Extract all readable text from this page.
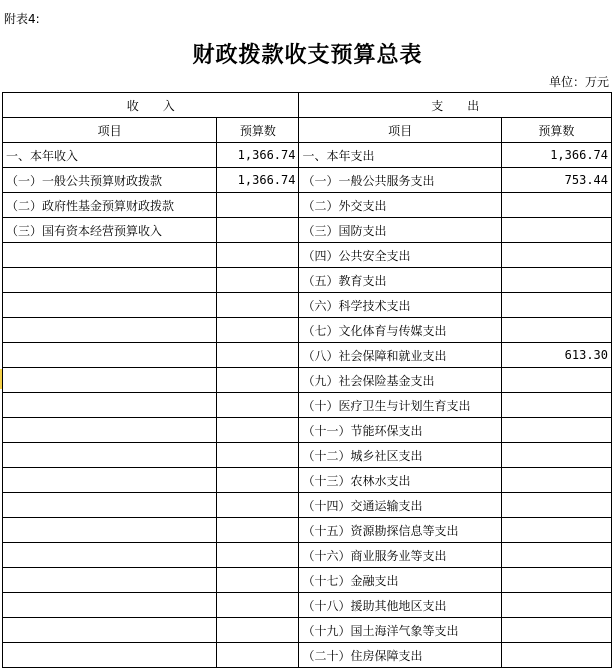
附表4:
财政拨款收支预算总表
单位：万元
收　　入		支　　出	
项目	预算数	项目	预算数
一、本年收入	1,366.74	一、本年支出	1,366.74
（一）一般公共预算财政拨款	1,366.74	（一）一般公共服务支出	753.44
（二）政府性基金预算财政拨款		（二）外交支出	
（三）国有资本经营预算收入		（三）国防支出	
		（四）公共安全支出	
		（五）教育支出	
		（六）科学技术支出	
		（七）文化体育与传媒支出	
		（八）社会保障和就业支出	613.30
		（九）社会保险基金支出	
		（十）医疗卫生与计划生育支出	
		（十一）节能环保支出	
		（十二）城乡社区支出	
		（十三）农林水支出	
		（十四）交通运输支出	
		（十五）资源勘探信息等支出	
		（十六）商业服务业等支出	
		（十七）金融支出	
		（十八）援助其他地区支出	
		（十九）国土海洋气象等支出	
		（二十）住房保障支出	
